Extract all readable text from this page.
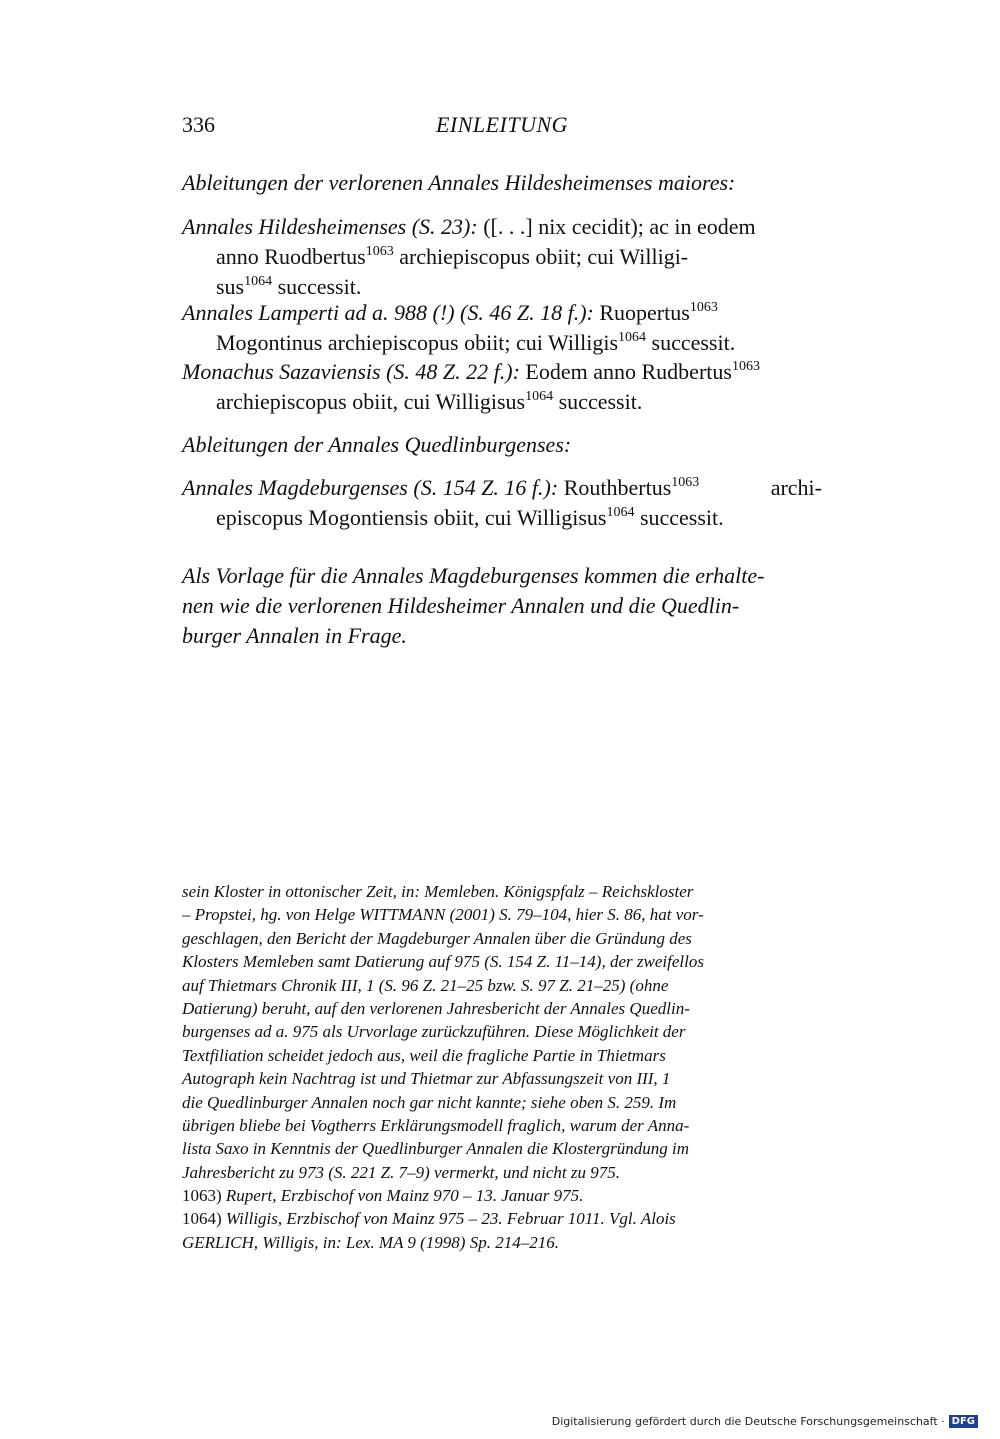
336	EINLEITUNG
Ableitungen der verlorenen Annales Hildesheimenses maiores:
Annales Hildesheimenses (S. 23): ([. . .] nix cecidit); ac in eodem
anno Ruodbertus$^{1063}$ archiepiscopus obiit; cui Willigi-
sus$^{1064}$ successit.
Annales Lamperti ad a. 988 (!) (S. 46 Z. 18 f.): Ruopertus$^{1063}$
Mogontinus archiepiscopus obiit; cui Willigis$^{1064}$ successit.
Monachus Sazaviensis (S. 48 Z. 22 f.): Eodem anno Rudbertus$^{1063}$
archiepiscopus obiit, cui Willigisus$^{1064}$ successit.
Ableitungen der Annales Quedlinburgenses:
Annales Magdeburgenses (S. 154 Z. 16 f.): Routhbertus$^{1063}$	archi-
episcopus Mogontiensis obiit, cui Willigisus$^{1064}$ successit.
Als Vorlage für die Annales Magdeburgenses kommen die erhalte-
nen wie die verlorenen Hildesheimer Annalen und die Quedlin-
burger Annalen in Frage.
sein Kloster in ottonischer Zeit, in: Memleben. Königspfalz – Reichskloster
– Propstei, hg. von Helge WITTMANN (2001) S. 79–104, hier S. 86, hat vor-
geschlagen, den Bericht der Magdeburger Annalen über die Gründung des
Klosters Memleben samt Datierung auf 975 (S. 154 Z. 11–14), der zweifellos
auf Thietmars Chronik III, 1 (S. 96 Z. 21–25 bzw. S. 97 Z. 21–25) (ohne
Datierung) beruht, auf den verlorenen Jahresbericht der Annales Quedlin-
burgenses ad a. 975 als Urvorlage zurückzuführen. Diese Möglichkeit der
Textfiliation scheidet jedoch aus, weil die fragliche Partie in Thietmars
Autograph kein Nachtrag ist und Thietmar zur Abfassungszeit von III, 1
die Quedlinburger Annalen noch gar nicht kannte; siehe oben S. 259. Im
übrigen bliebe bei Vogtherrs Erklärungsmodell fraglich, warum der Anna-
lista Saxo in Kenntnis der Quedlinburger Annalen die Klostergründung im
Jahresbericht zu 973 (S. 221 Z. 7–9) vermerkt, und nicht zu 975.
1063) Rupert, Erzbischof von Mainz 970 – 13. Januar 975.
1064) Willigis, Erzbischof von Mainz 975 – 23. Februar 1011. Vgl. Alois
GERLICH, Willigis, in: Lex. MA 9 (1998) Sp. 214–216.
Digitalisierung gefördert durch die Deutsche Forschungsgemeinschaft · DFG
